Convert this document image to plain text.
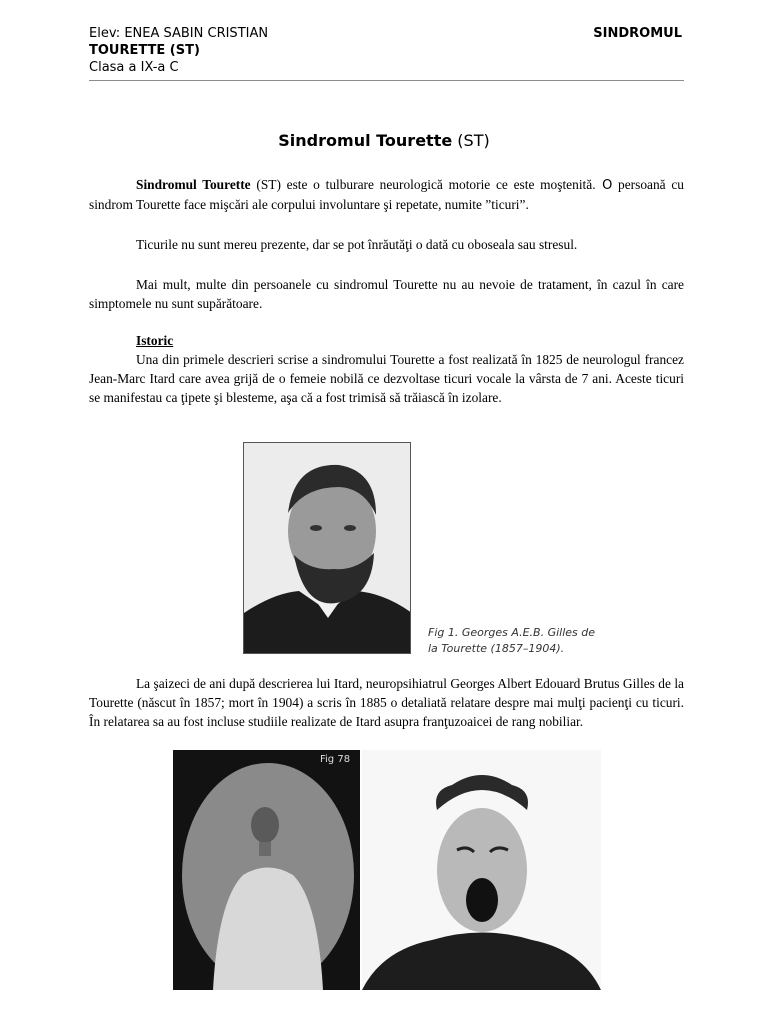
Elev: ENEA SABIN CRISTIAN	SINDROMUL
TOURETTE (ST)
Clasa a IX-a C
Sindromul Tourette (ST)

Sindromul Tourette (ST) este o tulburare neurologică motorie ce este moştenită. O persoană cu sindrom Tourette face mişcări ale corpului involuntare şi repetate, numite ”ticuri”.

Ticurile nu sunt mereu prezente, dar se pot înrăutăţi o dată cu oboseala sau stresul.

Mai mult, multe din persoanele cu sindromul Tourette nu au nevoie de tratament, în cazul în care simptomele nu sunt supărătoare.

Istoric

Una din primele descrieri scrise a sindromului Tourette a fost realizată în 1825 de neurologul francez Jean-Marc Itard care avea grijă de o femeie nobilă ce dezvoltase ticuri vocale la vârsta de 7 ani. Aceste ticuri se manifestau ca ţipete şi blesteme, aşa că a fost trimisă să trăiască în izolare.

Fig 1. Georges A.E.B. Gilles de la Tourette (1857–1904).

La şaizeci de ani după descrierea lui Itard, neuropsihiatrul Georges Albert Edouard Brutus Gilles de la Tourette (născut în 1857; mort în 1904) a scris în 1885 o detaliată relatare despre mai mulţi pacienţi cu ticuri. În relatarea sa au fost incluse studiile realizate de Itard asupra franţuzoaicei de rang nobiliar.

Fig 78
